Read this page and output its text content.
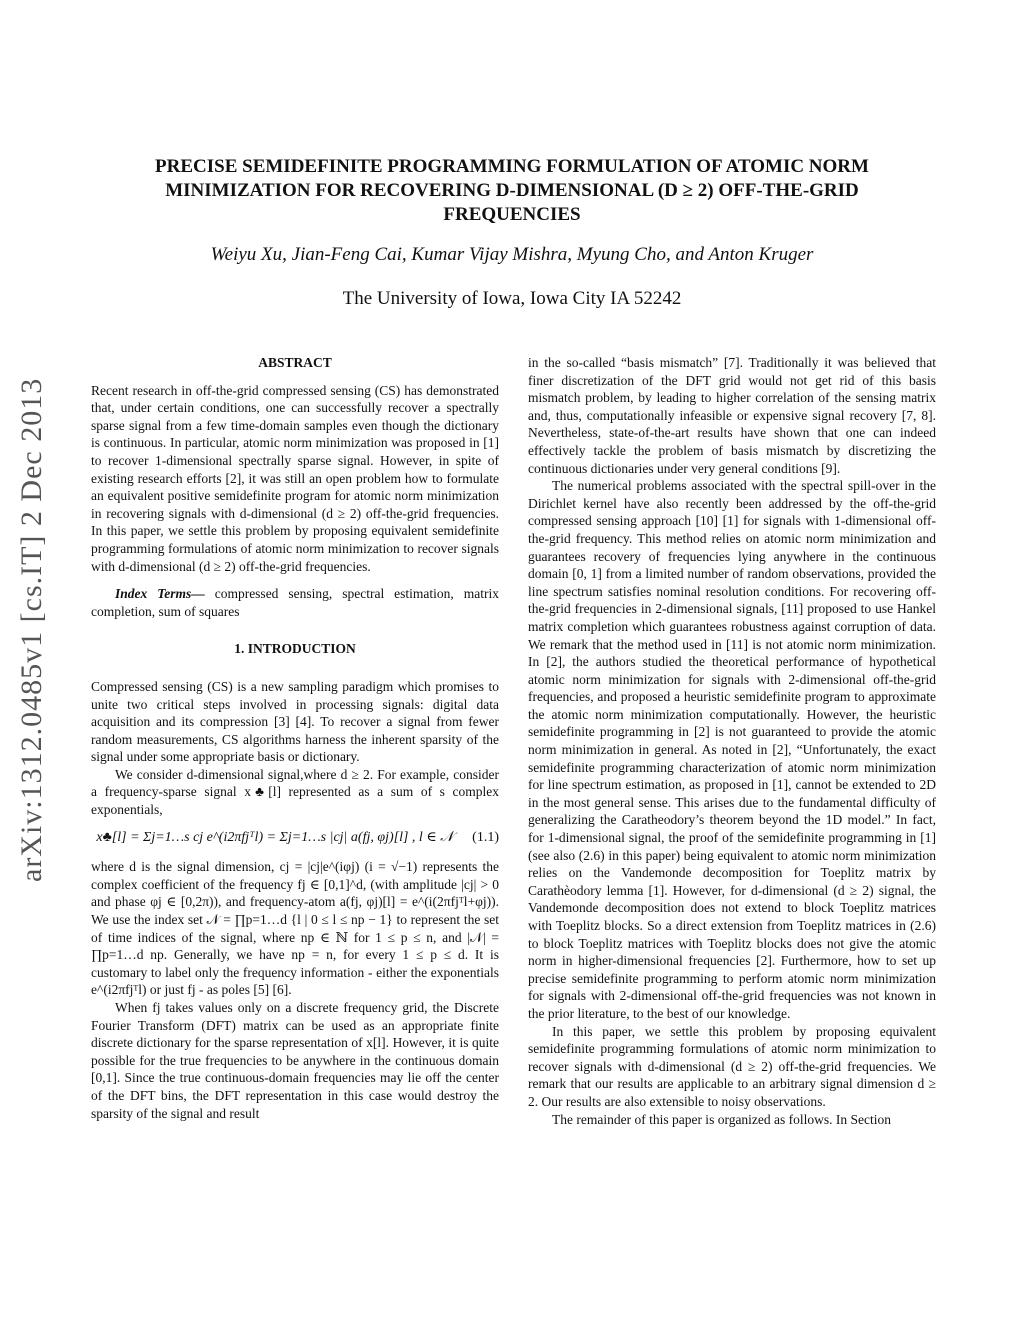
arXiv:1312.0485v1 [cs.IT] 2 Dec 2013
PRECISE SEMIDEFINITE PROGRAMMING FORMULATION OF ATOMIC NORM
MINIMIZATION FOR RECOVERING D-DIMENSIONAL (D ≥ 2) OFF-THE-GRID
FREQUENCIES
Weiyu Xu, Jian-Feng Cai, Kumar Vijay Mishra, Myung Cho, and Anton Kruger
The University of Iowa, Iowa City IA 52242
ABSTRACT

Recent research in off-the-grid compressed sensing (CS) has demonstrated that, under certain conditions, one can successfully recover a spectrally sparse signal from a few time-domain samples even though the dictionary is continuous. In particular, atomic norm minimization was proposed in [1] to recover 1-dimensional spectrally sparse signal. However, in spite of existing research efforts [2], it was still an open problem how to formulate an equivalent positive semidefinite program for atomic norm minimization in recovering signals with d-dimensional (d ≥ 2) off-the-grid frequencies. In this paper, we settle this problem by proposing equivalent semidefinite programming formulations of atomic norm minimization to recover signals with d-dimensional (d ≥ 2) off-the-grid frequencies.

Index Terms— compressed sensing, spectral estimation, matrix completion, sum of squares

1. INTRODUCTION

Compressed sensing (CS) is a new sampling paradigm which promises to unite two critical steps involved in processing signals: digital data acquisition and its compression [3] [4]. To recover a signal from fewer random measurements, CS algorithms harness the inherent sparsity of the signal under some appropriate basis or dictionary.

We consider d-dimensional signal,where d ≥ 2. For example, consider a frequency-sparse signal x♣[l] represented as a sum of s complex exponentials,

x♣[l] = Σj=1…s cj e^(i2πfjᵀl) = Σj=1…s |cj| a(fj, φj)[l] , l ∈ 𝒩	(1.1)

where d is the signal dimension, cj = |cj|e^(iφj) (i = √−1) represents the complex coefficient of the frequency fj ∈ [0,1]^d, (with amplitude |cj| > 0 and phase φj ∈ [0,2π)), and frequency-atom a(fj, φj)[l] = e^(i(2πfjᵀl+φj)). We use the index set 𝒩 = ∏p=1…d {l | 0 ≤ l ≤ np − 1} to represent the set of time indices of the signal, where np ∈ ℕ for 1 ≤ p ≤ n, and |𝒩| = ∏p=1…d np. Generally, we have np = n, for every 1 ≤ p ≤ d. It is customary to label only the frequency information - either the exponentials e^(i2πfjᵀl) or just fj - as poles [5] [6].

When fj takes values only on a discrete frequency grid, the Discrete Fourier Transform (DFT) matrix can be used as an appropriate finite discrete dictionary for the sparse representation of x[l]. However, it is quite possible for the true frequencies to be anywhere in the continuous domain [0,1]. Since the true continuous-domain frequencies may lie off the center of the DFT bins, the DFT representation in this case would destroy the sparsity of the signal and result

in the so-called “basis mismatch” [7]. Traditionally it was believed that finer discretization of the DFT grid would not get rid of this basis mismatch problem, by leading to higher correlation of the sensing matrix and, thus, computationally infeasible or expensive signal recovery [7, 8]. Nevertheless, state-of-the-art results have shown that one can indeed effectively tackle the problem of basis mismatch by discretizing the continuous dictionaries under very general conditions [9].

The numerical problems associated with the spectral spill-over in the Dirichlet kernel have also recently been addressed by the off-the-grid compressed sensing approach [10] [1] for signals with 1-dimensional off-the-grid frequency. This method relies on atomic norm minimization and guarantees recovery of frequencies lying anywhere in the continuous domain [0, 1] from a limited number of random observations, provided the line spectrum satisfies nominal resolution conditions. For recovering off-the-grid frequencies in 2-dimensional signals, [11] proposed to use Hankel matrix completion which guarantees robustness against corruption of data. We remark that the method used in [11] is not atomic norm minimization. In [2], the authors studied the theoretical performance of hypothetical atomic norm minimization for signals with 2-dimensional off-the-grid frequencies, and proposed a heuristic semidefinite program to approximate the atomic norm minimization computationally. However, the heuristic semidefinite programming in [2] is not guaranteed to provide the atomic norm minimization in general. As noted in [2], “Unfortunately, the exact semidefinite programming characterization of atomic norm minimization for line spectrum estimation, as proposed in [1], cannot be extended to 2D in the most general sense. This arises due to the fundamental difficulty of generalizing the Caratheodory’s theorem beyond the 1D model.” In fact, for 1-dimensional signal, the proof of the semidefinite programming in [1] (see also (2.6) in this paper) being equivalent to atomic norm minimization relies on the Vandemonde decomposition for Toeplitz matrix by Carathèodory lemma [1]. However, for d-dimensional (d ≥ 2) signal, the Vandemonde decomposition does not extend to block Toeplitz matrices with Toeplitz blocks. So a direct extension from Toeplitz matrices in (2.6) to block Toeplitz matrices with Toeplitz blocks does not give the atomic norm in higher-dimensional frequencies [2]. Furthermore, how to set up precise semidefinite programming to perform atomic norm minimization for signals with 2-dimensional off-the-grid frequencies was not known in the prior literature, to the best of our knowledge.

In this paper, we settle this problem by proposing equivalent semidefinite programming formulations of atomic norm minimization to recover signals with d-dimensional (d ≥ 2) off-the-grid frequencies. We remark that our results are applicable to an arbitrary signal dimension d ≥ 2. Our results are also extensible to noisy observations.

The remainder of this paper is organized as follows. In Section
